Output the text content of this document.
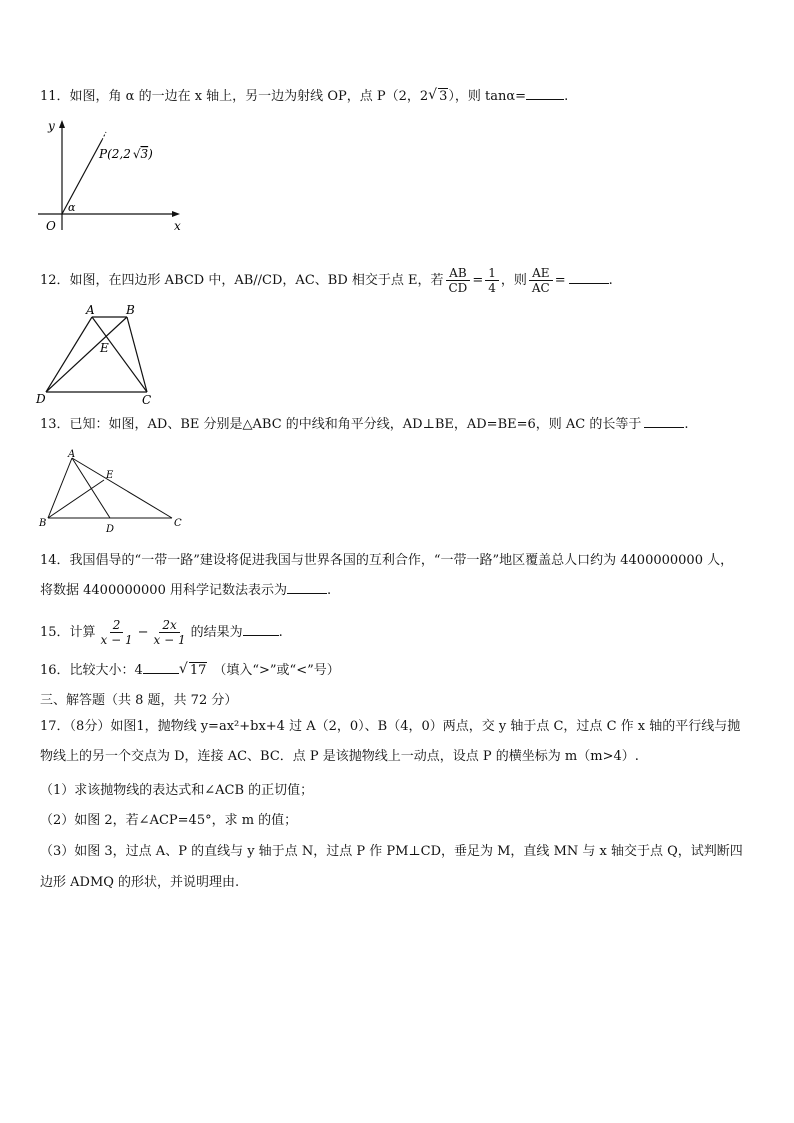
11．如图，角 α 的一边在 x 轴上，另一边为射线 OP，点 P（2，2 √ 3），则 tanα=	.
y
x
O
α
P(2,2 √3)
12．如图，在四边形 ABCD 中，AB//CD，AC、BD 相交于点 E，若 $\frac{AB}{CD} = \frac{1}{4}$ ，则 $\frac{AE}{AC}$ =	.
A	B
D	C
E
13．已知：如图，AD、BE 分别是△ABC 的中线和角平分线，AD⊥BE，AD=BE=6，则 AC 的长等于	.
A
B	C
D
E
14．我国倡导的“一带一路”建设将促进我国与世界各国的互利合作，“一带一路”地区覆盖总人口约为 4400000000 人，
将数据 4400000000 用科学记数法表示为	.
15．计算 $\frac{2}{x - 1} - \frac{2x}{x - 1}$ 的结果为	.
16．比较大小：4	√ 17 （填入“>”或“<”号）
三、解答题（共 8 题，共 72 分）
17．（8分）如图1，抛物线 y=ax²+bx+4 过 A（2，0）、B（4，0）两点，交 y 轴于点 C，过点 C 作 x 轴的平行线与抛
物线上的另一个交点为 D，连接 AC、BC．点 P 是该抛物线上一动点，设点 P 的横坐标为 m（m>4）.
（1）求该抛物线的表达式和∠ACB 的正切值；
（2）如图 2，若∠ACP=45°，求 m 的值；
（3）如图 3，过点 A、P 的直线与 y 轴于点 N，过点 P 作 PM⊥CD，垂足为 M，直线 MN 与 x 轴交于点 Q，试判断四
边形 ADMQ 的形状，并说明理由.
